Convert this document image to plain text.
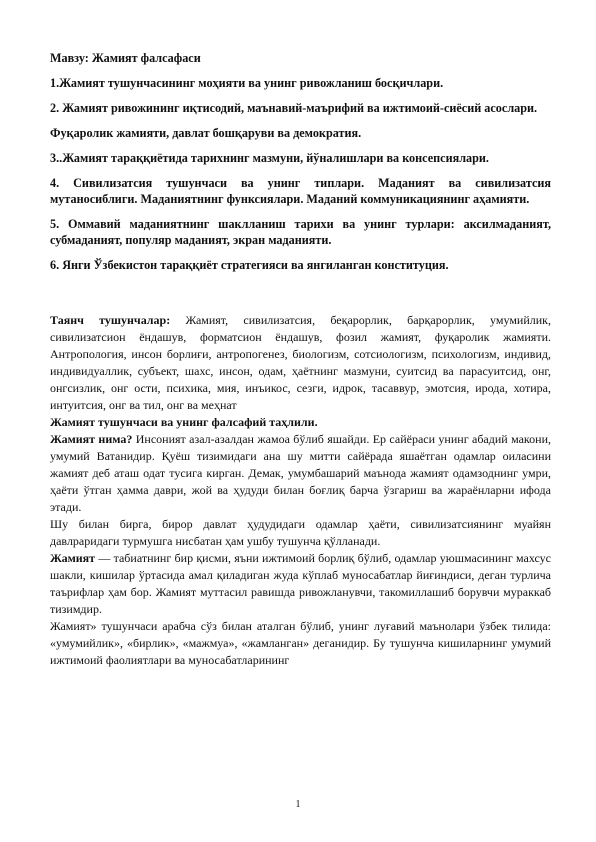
Мавзу: Жамият фалсафаси
1.Жамият тушунчасининг моҳияти ва унинг ривожланиш босқичлари.
2. Жамият ривожининг иқтисодий, маънавий-маърифий ва ижтимоий-сиёсий асослари.
Фуқаролик жамияти, давлат бошқаруви ва демократия.
3..Жамият тараққиётида тарихнинг мазмуни, йўналишлари ва консепсиялари.
4. Сивилизатсия тушунчаси ва унинг типлари. Маданият ва сивилизатсия мутаносиблиги. Маданиятнинг функсиялари. Маданий коммуникациянинг аҳамияти.
5. Оммавий маданиятнинг шаклланиш тарихи ва унинг турлари: аксилмаданият, субмаданият, популяр маданият, экран маданияти.
6. Янги Ўзбекистон тараққиёт стратегияси ва янгиланган конституция.

Таянч тушунчалар: Жамият, сивилизатсия, беқарорлик, барқарорлик, умумийлик, сивилизатсион ёндашув, форматсион ёндашув, фозил жамият, фуқаролик жамияти. Антропология, инсон борлиғи, антропогенез, биологизм, сотсиологизм, психологизм, индивид, индивидуаллик, субъект, шахс, инсон, одам, ҳаётнинг мазмуни, суитсид ва парасуитсид, онг, онгсизлик, онг ости, психика, мия, инъикос, сезги, идрок, тасаввур, эмотсия, ирода, хотира, интуитсия, онг ва тил, онг ва меҳнат

Жамият тушунчаси ва унинг фалсафий таҳлили.

Жамият нима? Инсоният азал-азалдан жамоа бўлиб яшайди. Ер сайёраси унинг абадий макони, умумий Ватанидир. Қуёш тизимидаги ана шу митти сайёрада яшаётган одамлар оиласини жамият деб аташ одат тусига кирган. Демак, умумбашарий маънода жамият одамзоднинг умри, ҳаёти ўтган ҳамма даври, жой ва ҳудуди билан боғлиқ барча ўзгариш ва жараёнларни ифода этади.

Шу билан бирга, бирор давлат ҳудудидаги одамлар ҳаёти, сивилизатсиянинг муайян давлраридаги турмушга нисбатан ҳам ушбу тушунча қўлланади.

Жамият — табиатнинг бир қисми, яъни ижтимоий борлиқ бўлиб, одамлар уюшмасининг махсус шакли, кишилар ўртасида амал қиладиган жуда кўплаб муносабатлар йиғиндиси, деган турлича таърифлар ҳам бор. Жамият муттасил равишда ривожланувчи, такомиллашиб борувчи мураккаб тизимдир.

Жамият» тушунчаси арабча сўз билан аталган бўлиб, унинг луғавий маънолари ўзбек тилида: «умумийлик», «бирлик», «мажмуа», «жамланган» деганидир. Бу тушунча кишиларнинг умумий ижтимоий фаолиятлари ва муносабатларининг

1
